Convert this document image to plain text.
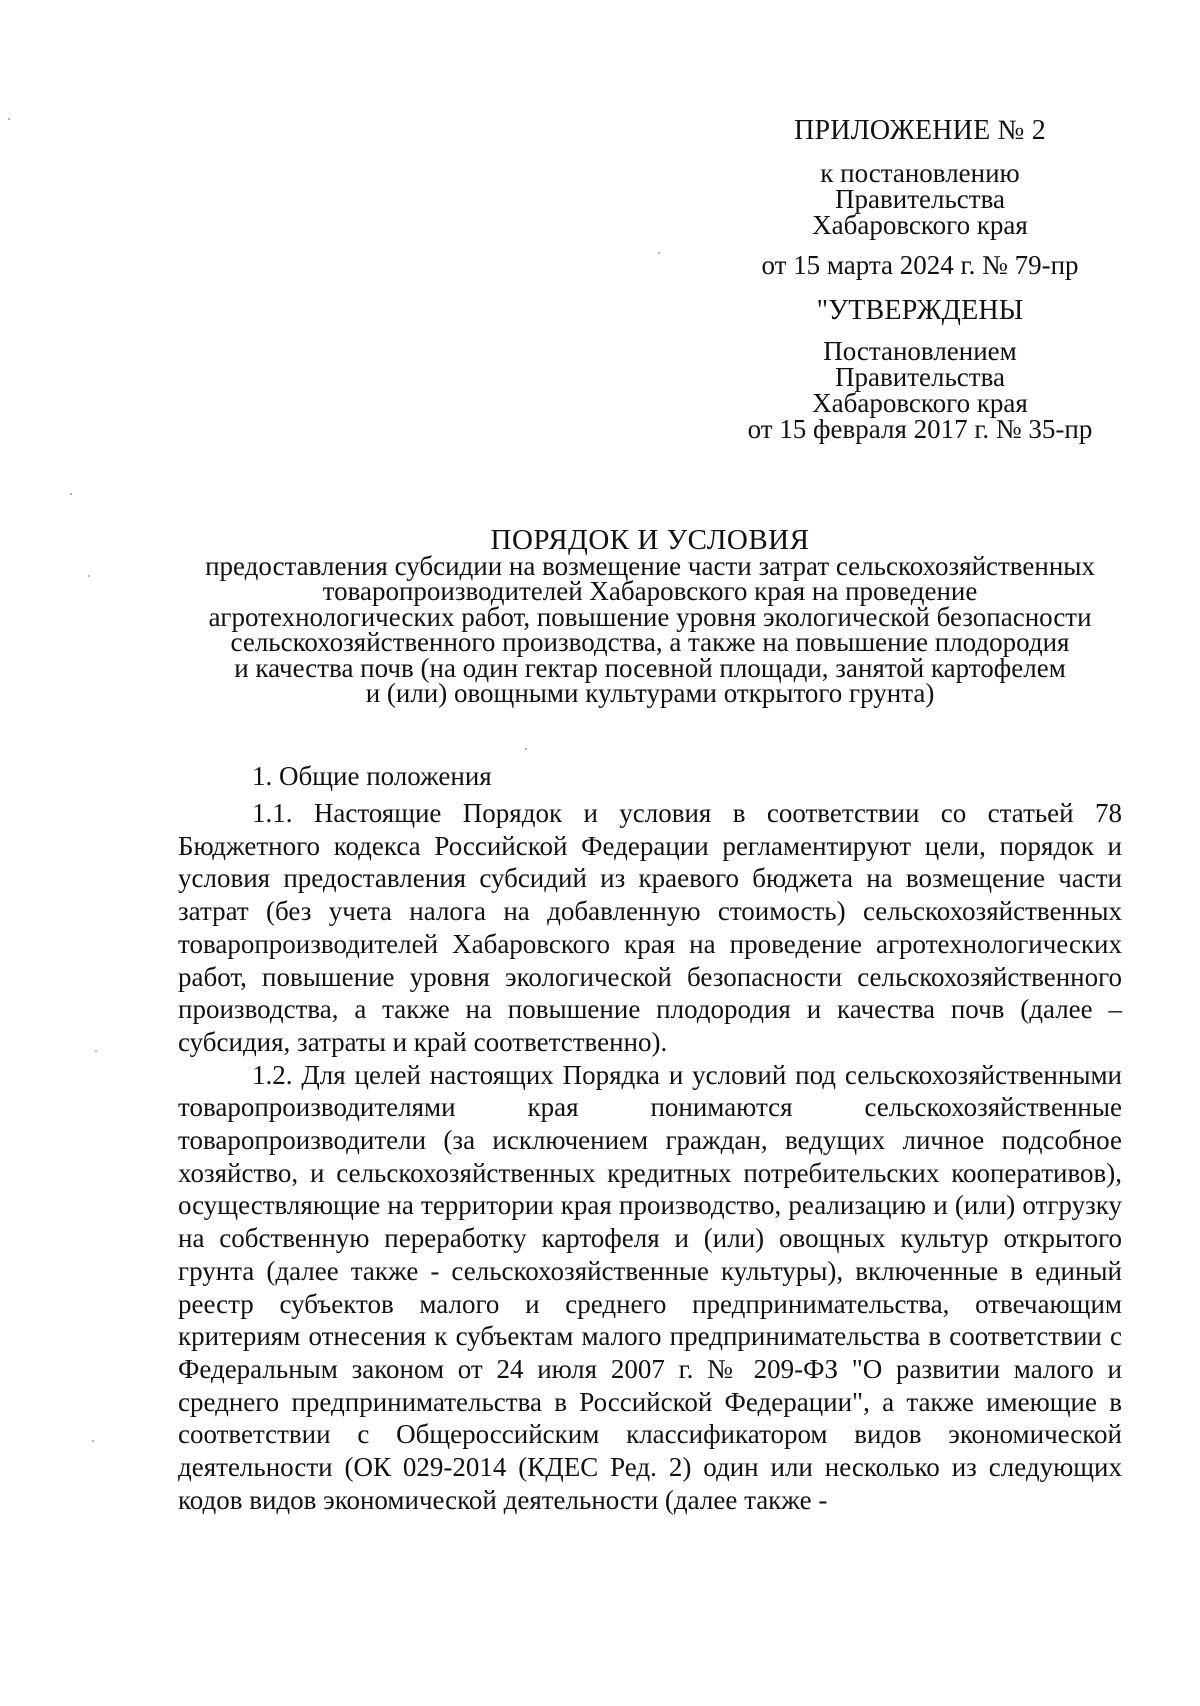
ПРИЛОЖЕНИЕ № 2
к постановлению
Правительства
Хабаровского края
от 15 марта 2024 г. № 79-пр
"УТВЕРЖДЕНЫ
Постановлением
Правительства
Хабаровского края
от 15 февраля 2017 г. № 35-пр
ПОРЯДОК И УСЛОВИЯ
предоставления субсидии на возмещение части затрат сельскохозяйственных
товаропроизводителей Хабаровского края на проведение
агротехнологических работ, повышение уровня экологической безопасности
сельскохозяйственного производства, а также на повышение плодородия
и качества почв (на один гектар посевной площади, занятой картофелем
и (или) овощными культурами открытого грунта)
1. Общие положения

1.1. Настоящие Порядок и условия в соответствии со статьей 78 Бюджетного кодекса Российской Федерации регламентируют цели, порядок и условия предоставления субсидий из краевого бюджета на возмещение части затрат (без учета налога на добавленную стоимость) сельскохозяйственных товаропроизводителей Хабаровского края на проведение агротехнологических работ, повышение уровня экологической безопасности сельскохозяйственного производства, а также на повышение плодородия и качества почв (далее – субсидия, затраты и край соответственно).

1.2. Для целей настоящих Порядка и условий под сельскохозяйственными товаропроизводителями края понимаются сельскохозяйственные товаропроизводители (за исключением граждан, ведущих личное подсобное хозяйство, и сельскохозяйственных кредитных потребительских кооперативов), осуществляющие на территории края производство, реализацию и (или) отгрузку на собственную переработку картофеля и (или) овощных культур открытого грунта (далее также - сельскохозяйственные культуры), включенные в единый реестр субъектов малого и среднего предпринимательства, отвечающим критериям отнесения к субъектам малого предпринимательства в соответствии с Федеральным законом от 24 июля 2007 г. № 209-ФЗ "О развитии малого и среднего предпринимательства в Российской Федерации", а также имеющие в соответствии с Общероссийским классификатором видов экономической деятельности (ОК 029-2014 (КДЕС Ред. 2) один или несколько из следующих кодов видов экономической деятельности (далее также -
